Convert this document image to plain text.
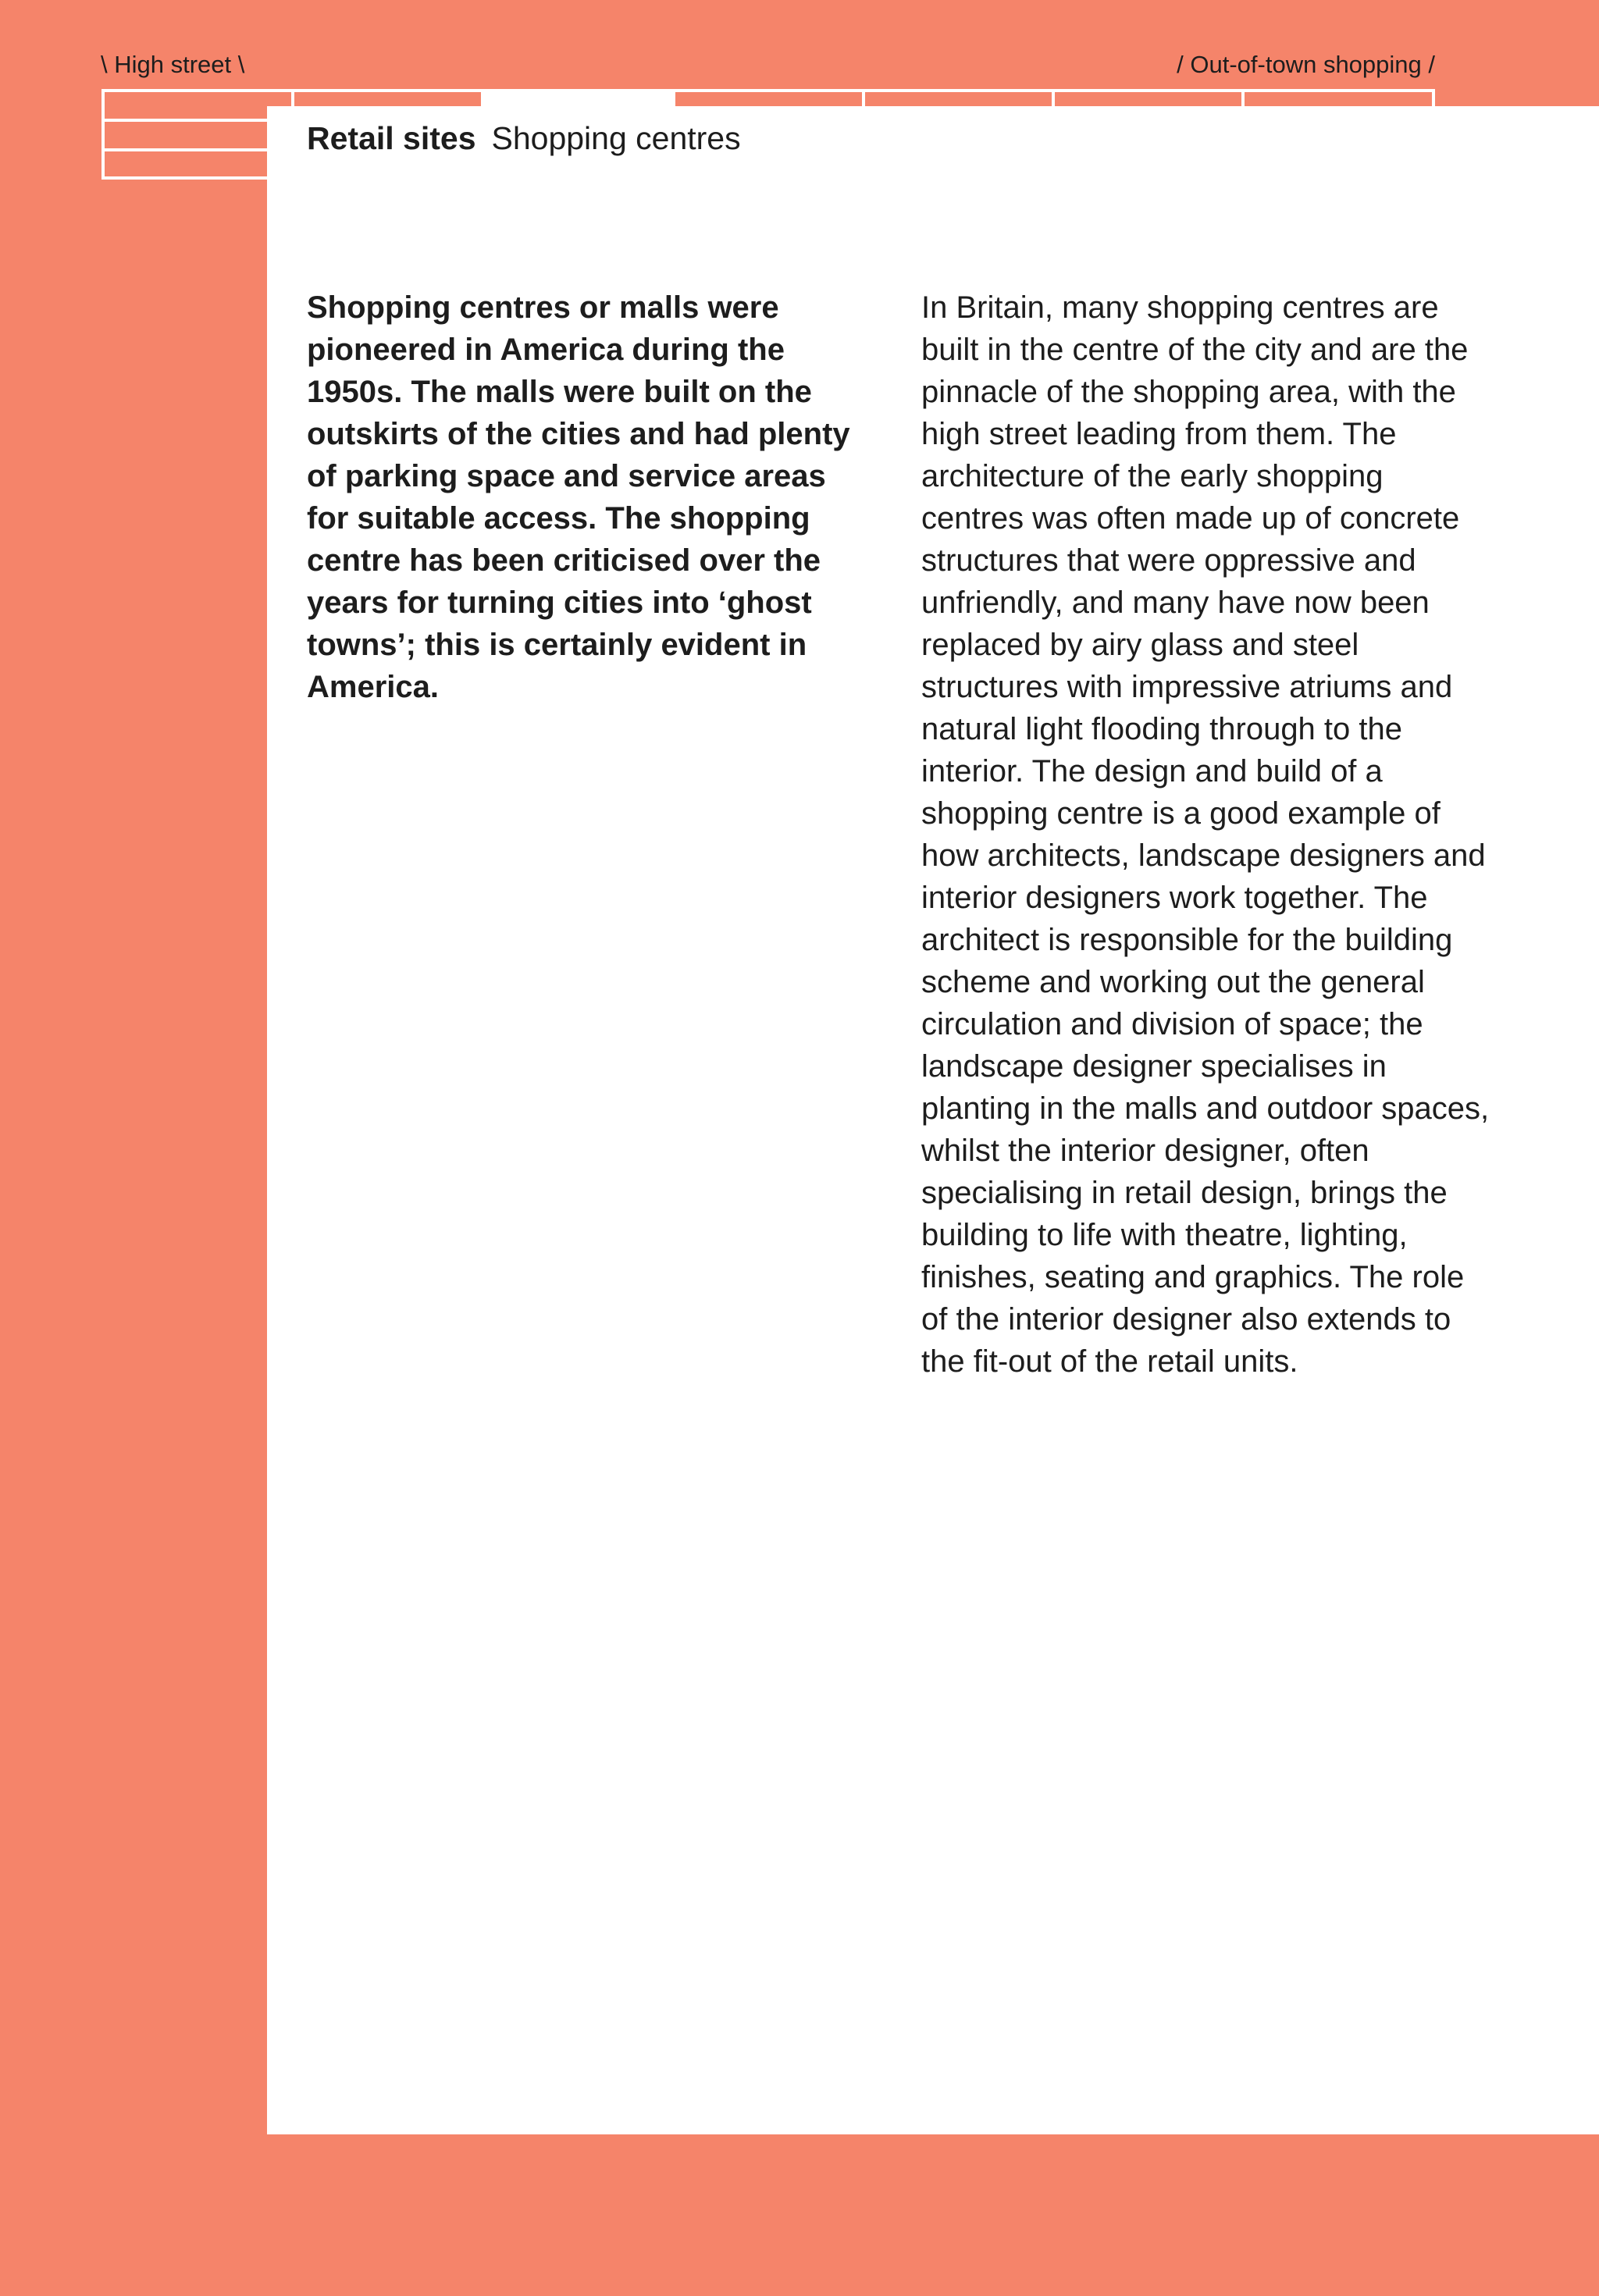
\ High street \	/ Out-of-town shopping /
Retail sites Shopping centres

Shopping centres or malls were pioneered in America during the 1950s. The malls were built on the outskirts of the cities and had plenty of parking space and service areas for suitable access. The shopping centre has been criticised over the years for turning cities into ‘ghost towns’; this is certainly evident in America.

In Britain, many shopping centres are built in the centre of the city and are the pinnacle of the shopping area, with the high street leading from them. The architecture of the early shopping centres was often made up of concrete structures that were oppressive and unfriendly, and many have now been replaced by airy glass and steel structures with impressive atriums and natural light flooding through to the interior. The design and build of a shopping centre is a good example of how architects, landscape designers and interior designers work together. The architect is responsible for the building scheme and working out the general circulation and division of space; the landscape designer specialises in planting in the malls and outdoor spaces, whilst the interior designer, often specialising in retail design, brings the building to life with theatre, lighting, finishes, seating and graphics. The role of the interior designer also extends to the fit-out of the retail units.
